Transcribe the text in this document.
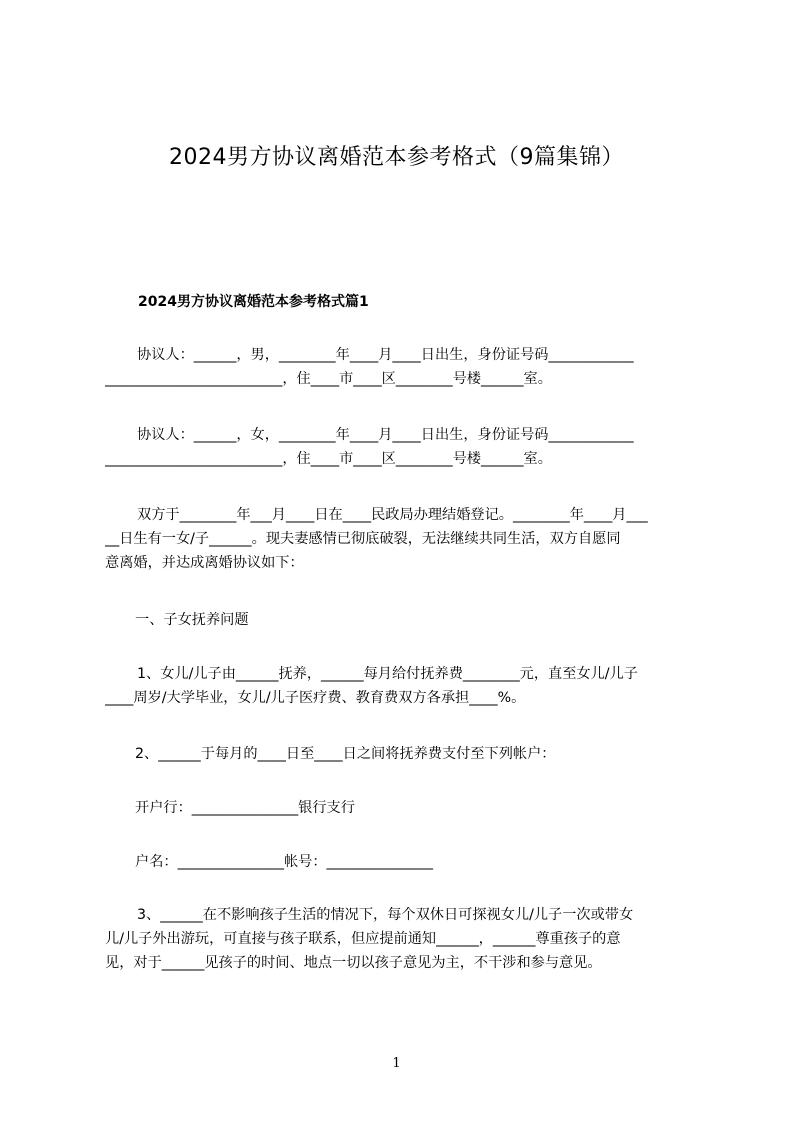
2024男方协议离婚范本参考格式（9篇集锦）
2024男方协议离婚范本参考格式篇1
协议人：______，男，________年____月____日出生，身份证号码____________
_________________________，住____市____区________号楼______室。
协议人：______，女，________年____月____日出生，身份证号码____________
_________________________，住____市____区________号楼______室。
双方于________年___月____日在____民政局办理结婚登记。________年____月___
__日生有一女/子______。现夫妻感情已彻底破裂，无法继续共同生活，双方自愿同
意离婚，并达成离婚协议如下：
一、子女抚养问题
1、女儿/儿子由______抚养，______每月给付抚养费________元，直至女儿/儿子
____周岁/大学毕业，女儿/儿子医疗费、教育费双方各承担____%。
2、______于每月的____日至____日之间将抚养费支付至下列帐户：
开户行：_______________银行支行
户名：_______________帐号：_______________
3、______在不影响孩子生活的情况下，每个双休日可探视女儿/儿子一次或带女
儿/儿子外出游玩，可直接与孩子联系，但应提前通知______，______尊重孩子的意
见，对于______见孩子的时间、地点一切以孩子意见为主，不干涉和参与意见。
1
